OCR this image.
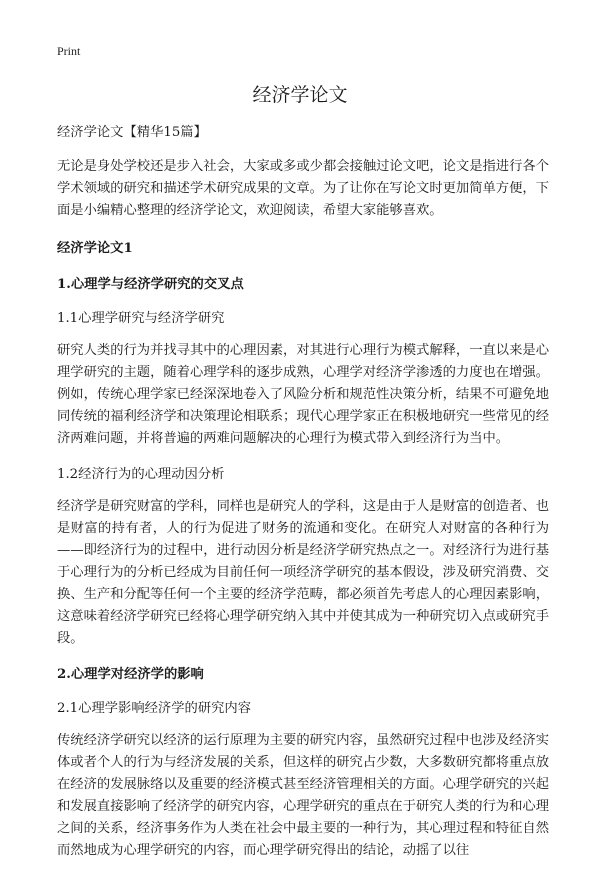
Print
经济学论文

经济学论文【精华15篇】

无论是身处学校还是步入社会，大家或多或少都会接触过论文吧，论文是指进行各个学术领域的研究和描述学术研究成果的文章。为了让你在写论文时更加简单方便，下面是小编精心整理的经济学论文，欢迎阅读，希望大家能够喜欢。

经济学论文1

1.心理学与经济学研究的交叉点

1.1心理学研究与经济学研究

研究人类的行为并找寻其中的心理因素，对其进行心理行为模式解释，一直以来是心理学研究的主题，随着心理学科的逐步成熟，心理学对经济学渗透的力度也在增强。例如，传统心理学家已经深深地卷入了风险分析和规范性决策分析，结果不可避免地同传统的福利经济学和决策理论相联系；现代心理学家正在积极地研究一些常见的经济两难问题，并将普遍的两难问题解决的心理行为模式带入到经济行为当中。

1.2经济行为的心理动因分析

经济学是研究财富的学科，同样也是研究人的学科，这是由于人是财富的创造者、也是财富的持有者，人的行为促进了财务的流通和变化。在研究人对财富的各种行为——即经济行为的过程中，进行动因分析是经济学研究热点之一。对经济行为进行基于心理行为的分析已经成为目前任何一项经济学研究的基本假设，涉及研究消费、交换、生产和分配等任何一个主要的经济学范畴，都必须首先考虑人的心理因素影响，这意味着经济学研究已经将心理学研究纳入其中并使其成为一种研究切入点或研究手段。

2.心理学对经济学的影响

2.1心理学影响经济学的研究内容

传统经济学研究以经济的运行原理为主要的研究内容，虽然研究过程中也涉及经济实体或者个人的行为与经济发展的关系，但这样的研究占少数，大多数研究都将重点放在经济的发展脉络以及重要的经济模式甚至经济管理相关的方面。心理学研究的兴起和发展直接影响了经济学的研究内容，心理学研究的重点在于研究人类的行为和心理之间的关系，经济事务作为人类在社会中最主要的一种行为，其心理过程和特征自然而然地成为心理学研究的内容，而心理学研究得出的结论，动摇了以往
